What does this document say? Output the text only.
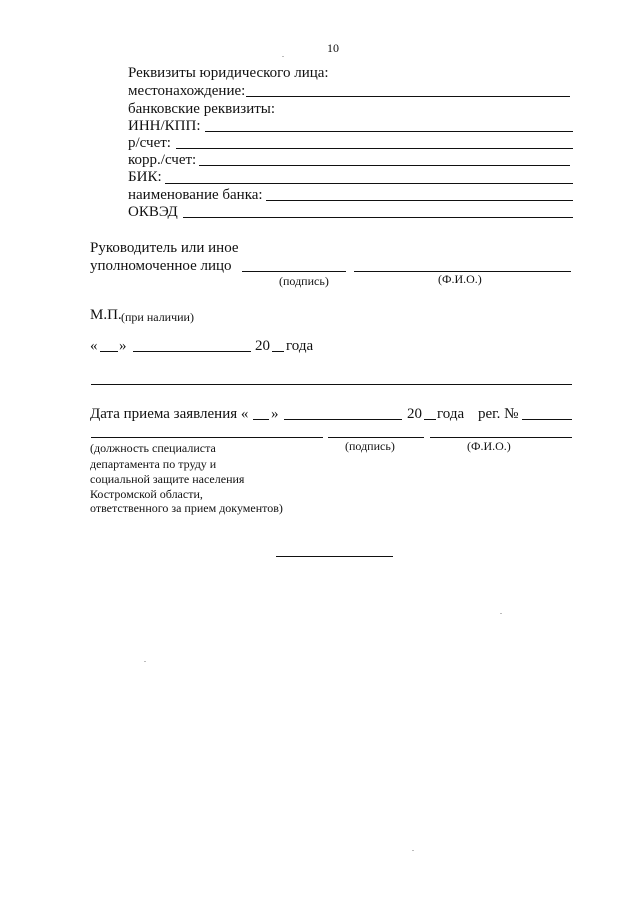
10
Реквизиты юридического лица:
местонахождение:
банковские реквизиты:
ИНН/КПП:
р/счет:
корр./счет:
БИК:
наименование банка:
ОКВЭД
Руководитель или иное
уполномоченное лицо
(подпись)	(Ф.И.О.)
М.П. (при наличии)
« »	20 года
Дата приема заявления « »	20 года рег. №
(должность специалиста
департамента по труду и
социальной защите населения
Костромской области,
ответственного за прием документов)
(подпись)	(Ф.И.О.)
